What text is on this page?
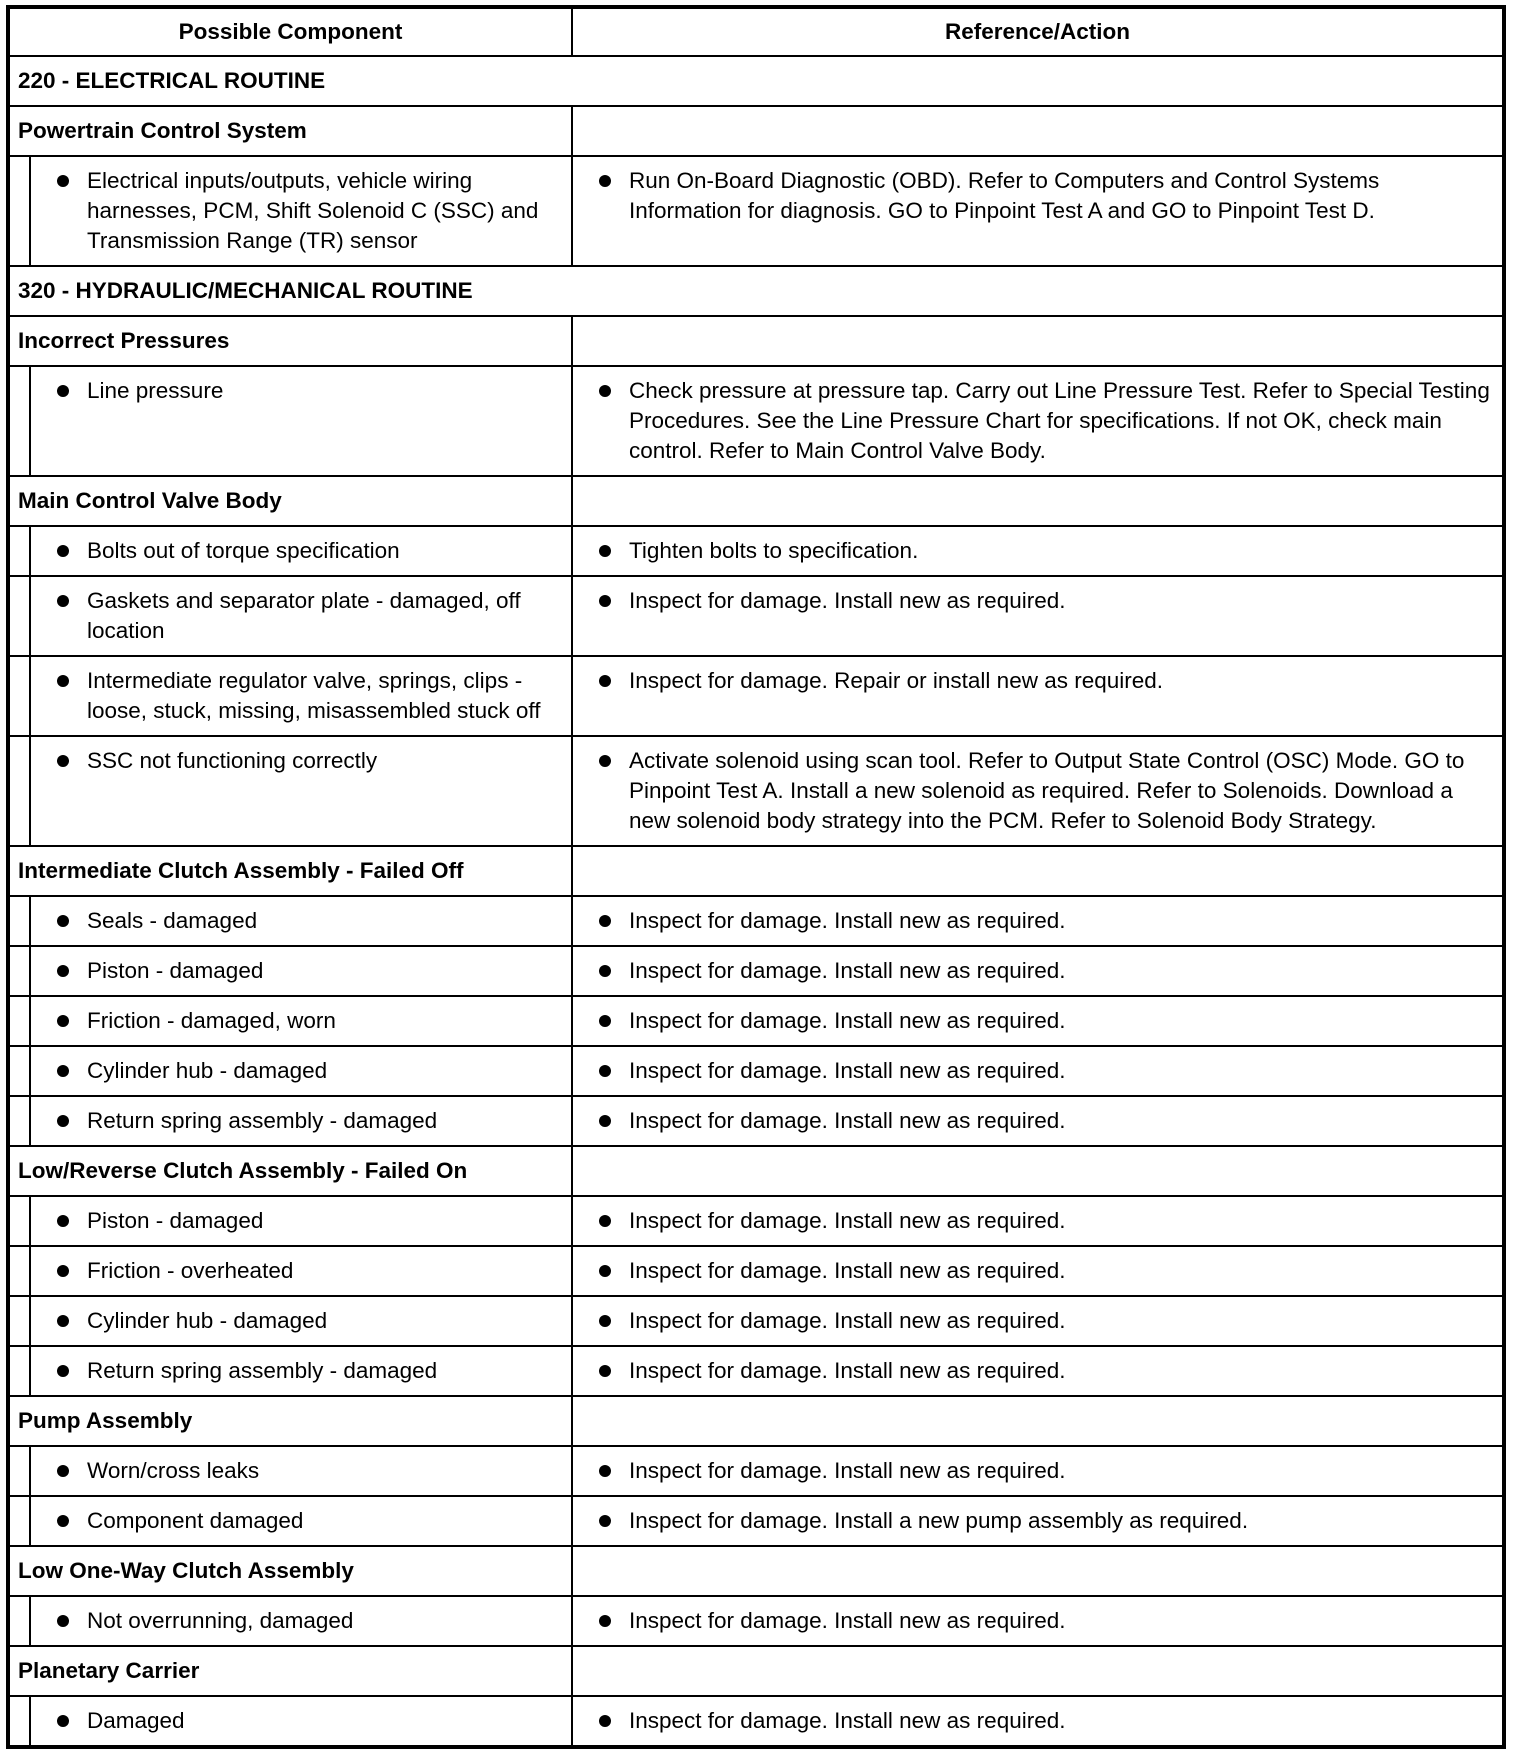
Possible Component		Reference/Action
220 - ELECTRICAL ROUTINE		
Powertrain Control System		

	Electrical inputs/outputs, vehicle wiring harnesses, PCM, Shift Solenoid C (SSC) and Transmission Range (TR) sensor	Run On-Board Diagnostic (OBD). Refer to Computers and Control Systems Information for diagnosis. GO to Pinpoint Test A and GO to Pinpoint Test D.

320 - HYDRAULIC/MECHANICAL ROUTINE		
Incorrect Pressures		

	Line pressure	Check pressure at pressure tap. Carry out Line Pressure Test. Refer to Special Testing Procedures. See the Line Pressure Chart for specifications. If not OK, check main control. Refer to Main Control Valve Body.

Main Control Valve Body		

	Bolts out of torque specification	Tighten bolts to specification.

	Gaskets and separator plate - damaged, off location	Inspect for damage. Install new as required.

	Intermediate regulator valve, springs, clips - loose, stuck, missing, misassembled stuck off	Inspect for damage. Repair or install new as required.

	SSC not functioning correctly	Activate solenoid using scan tool. Refer to Output State Control (OSC) Mode. GO to Pinpoint Test A. Install a new solenoid as required. Refer to Solenoids. Download a new solenoid body strategy into the PCM. Refer to Solenoid Body Strategy.

Intermediate Clutch Assembly - Failed Off		

	Seals - damaged	Inspect for damage. Install new as required.

	Piston - damaged	Inspect for damage. Install new as required.

	Friction - damaged, worn	Inspect for damage. Install new as required.

	Cylinder hub - damaged	Inspect for damage. Install new as required.

	Return spring assembly - damaged	Inspect for damage. Install new as required.

Low/Reverse Clutch Assembly - Failed On		

	Piston - damaged	Inspect for damage. Install new as required.

	Friction - overheated	Inspect for damage. Install new as required.

	Cylinder hub - damaged	Inspect for damage. Install new as required.

	Return spring assembly - damaged	Inspect for damage. Install new as required.

Pump Assembly		

	Worn/cross leaks	Inspect for damage. Install new as required.

	Component damaged	Inspect for damage. Install a new pump assembly as required.

Low One-Way Clutch Assembly		

	Not overrunning, damaged	Inspect for damage. Install new as required.

Planetary Carrier		

	Damaged	Inspect for damage. Install new as required.
